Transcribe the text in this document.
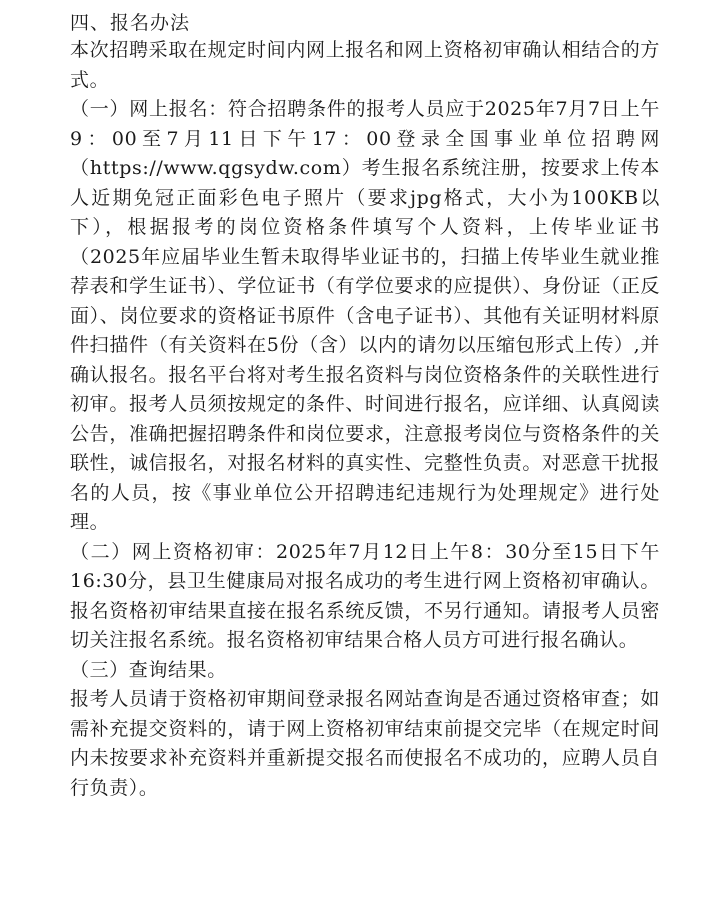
四、报名办法

本次招聘采取在规定时间内网上报名和网上资格初审确认相结合的方式。

（一）网上报名：符合招聘条件的报考人员应于2025年7月7日上午9：00至7月11日下午17：00登录全国事业单位招聘网（https://www.qgsydw.com）考生报名系统注册，按要求上传本人近期免冠正面彩色电子照片（要求jpg格式，大小为100KB以下），根据报考的岗位资格条件填写个人资料，上传毕业证书（2025年应届毕业生暂未取得毕业证书的，扫描上传毕业生就业推荐表和学生证书）、学位证书（有学位要求的应提供）、身份证（正反面）、岗位要求的资格证书原件（含电子证书）、其他有关证明材料原件扫描件（有关资料在5份（含）以内的请勿以压缩包形式上传）,并确认报名。报名平台将对考生报名资料与岗位资格条件的关联性进行初审。报考人员须按规定的条件、时间进行报名，应详细、认真阅读公告，准确把握招聘条件和岗位要求，注意报考岗位与资格条件的关联性，诚信报名，对报名材料的真实性、完整性负责。对恶意干扰报名的人员，按《事业单位公开招聘违纪违规行为处理规定》进行处理。

（二）网上资格初审：2025年7月12日上午8：30分至15日下午16:30分，县卫生健康局对报名成功的考生进行网上资格初审确认。报名资格初审结果直接在报名系统反馈，不另行通知。请报考人员密切关注报名系统。报名资格初审结果合格人员方可进行报名确认。

（三）查询结果。

报考人员请于资格初审期间登录报名网站查询是否通过资格审查；如需补充提交资料的，请于网上资格初审结束前提交完毕（在规定时间内未按要求补充资料并重新提交报名而使报名不成功的，应聘人员自行负责）。
